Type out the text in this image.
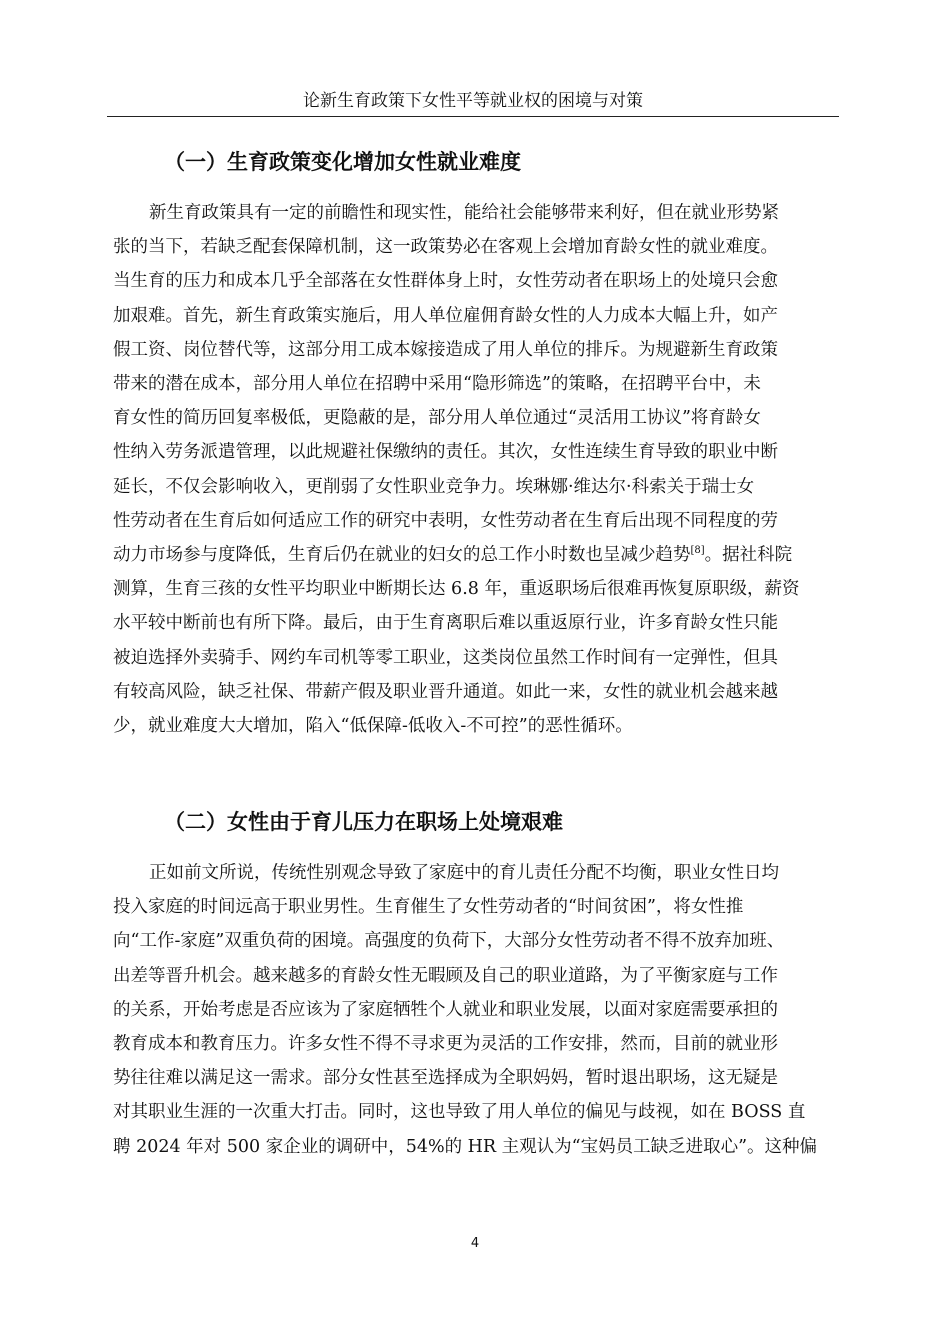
论新生育政策下女性平等就业权的困境与对策
（一）生育政策变化增加女性就业难度
新生育政策具有一定的前瞻性和现实性，能给社会能够带来利好，但在就业形势紧
张的当下，若缺乏配套保障机制，这一政策势必在客观上会增加育龄女性的就业难度。
当生育的压力和成本几乎全部落在女性群体身上时，女性劳动者在职场上的处境只会愈
加艰难。首先，新生育政策实施后，用人单位雇佣育龄女性的人力成本大幅上升，如产
假工资、岗位替代等，这部分用工成本嫁接造成了用人单位的排斥。为规避新生育政策
带来的潜在成本，部分用人单位在招聘中采用“隐形筛选”的策略，在招聘平台中，未
育女性的简历回复率极低，更隐蔽的是，部分用人单位通过“灵活用工协议”将育龄女
性纳入劳务派遣管理，以此规避社保缴纳的责任。其次，女性连续生育导致的职业中断
延长，不仅会影响收入，更削弱了女性职业竞争力。埃琳娜·维达尔·科索关于瑞士女
性劳动者在生育后如何适应工作的研究中表明，女性劳动者在生育后出现不同程度的劳
动力市场参与度降低，生育后仍在就业的妇女的总工作小时数也呈减少趋势[8]。据社科院
测算，生育三孩的女性平均职业中断期长达 6.8 年，重返职场后很难再恢复原职级，薪资
水平较中断前也有所下降。最后，由于生育离职后难以重返原行业，许多育龄女性只能
被迫选择外卖骑手、网约车司机等零工职业，这类岗位虽然工作时间有一定弹性，但具
有较高风险，缺乏社保、带薪产假及职业晋升通道。如此一来，女性的就业机会越来越
少，就业难度大大增加，陷入“低保障-低收入-不可控”的恶性循环。
（二）女性由于育儿压力在职场上处境艰难
正如前文所说，传统性别观念导致了家庭中的育儿责任分配不均衡，职业女性日均
投入家庭的时间远高于职业男性。生育催生了女性劳动者的“时间贫困”，将女性推
向“工作-家庭”双重负荷的困境。高强度的负荷下，大部分女性劳动者不得不放弃加班、
出差等晋升机会。越来越多的育龄女性无暇顾及自己的职业道路，为了平衡家庭与工作
的关系，开始考虑是否应该为了家庭牺牲个人就业和职业发展，以面对家庭需要承担的
教育成本和教育压力。许多女性不得不寻求更为灵活的工作安排，然而，目前的就业形
势往往难以满足这一需求。部分女性甚至选择成为全职妈妈，暂时退出职场，这无疑是
对其职业生涯的一次重大打击。同时，这也导致了用人单位的偏见与歧视，如在 BOSS 直
聘 2024 年对 500 家企业的调研中，54%的 HR 主观认为“宝妈员工缺乏进取心”。这种偏
4
